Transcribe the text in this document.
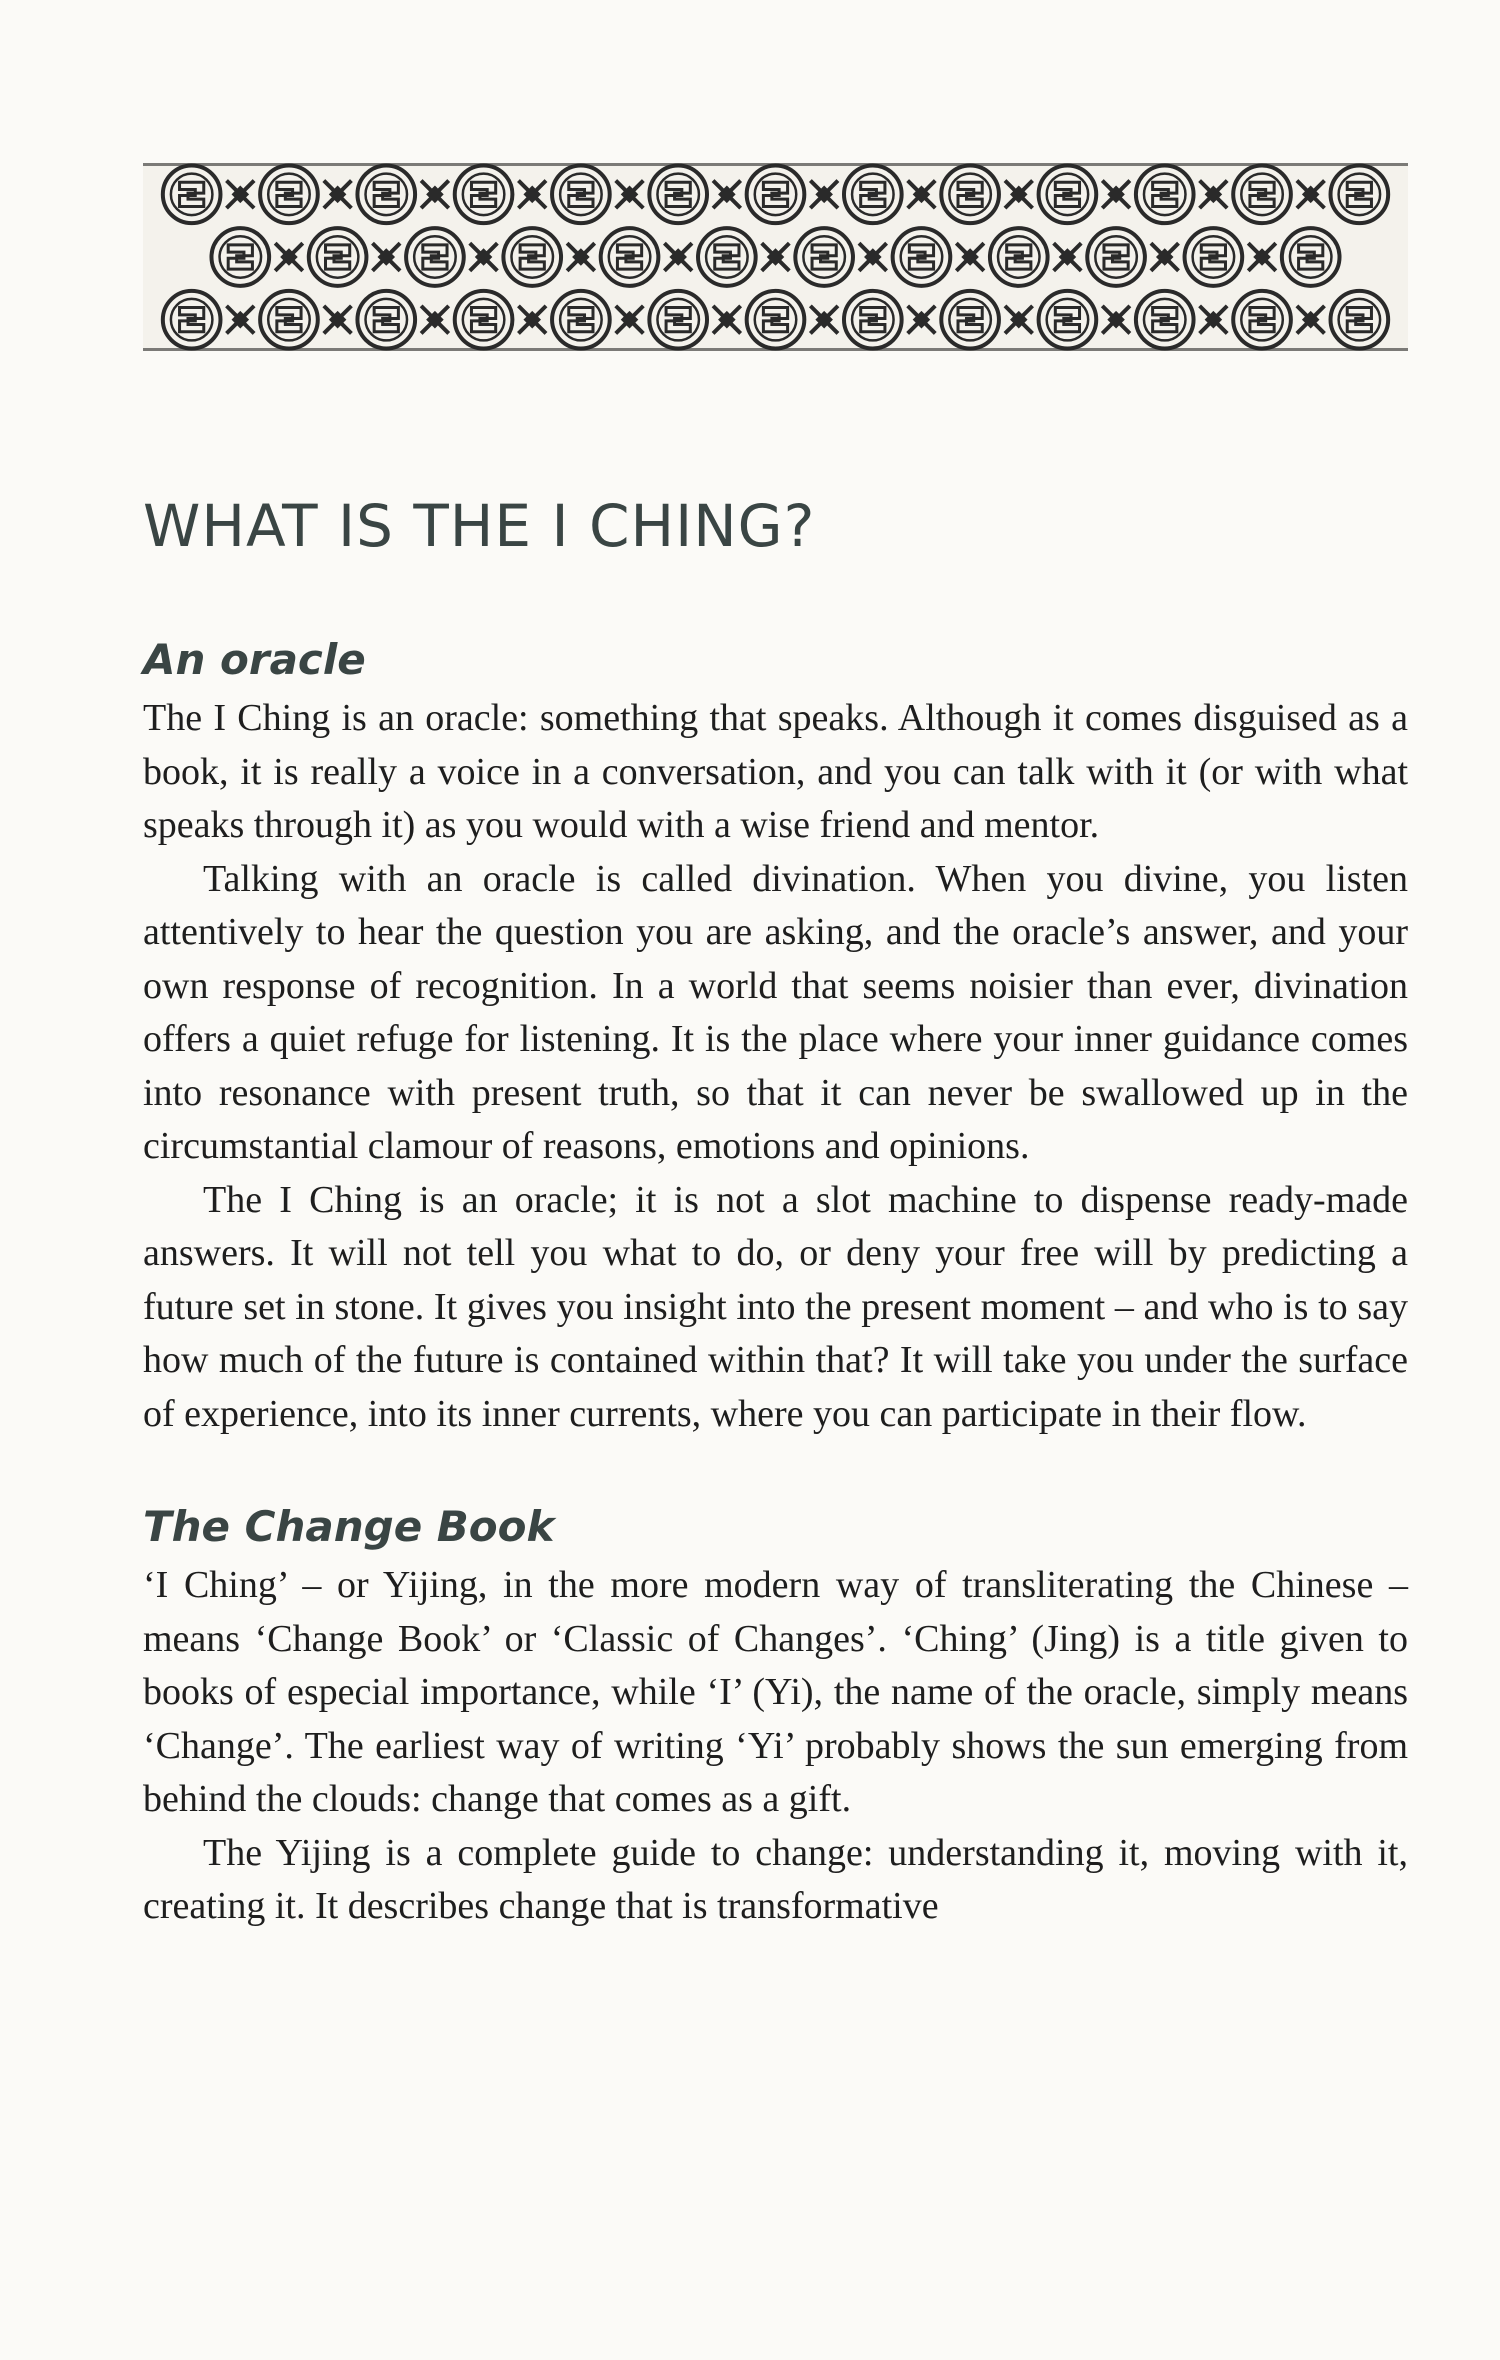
WHAT IS THE I CHING?
An oracle

The I Ching is an oracle: something that speaks. Although it comes disguised as a book, it is really a voice in a conversation, and you can talk with it (or with what speaks through it) as you would with a wise friend and mentor.

Talking with an oracle is called divination. When you divine, you listen attentively to hear the question you are asking, and the oracle’s answer, and your own response of recognition. In a world that seems noisier than ever, divination offers a quiet refuge for listening. It is the place where your inner guidance comes into resonance with present truth, so that it can never be swallowed up in the circumstantial clamour of reasons, emotions and opinions.

The I Ching is an oracle; it is not a slot machine to dispense ready-made answers. It will not tell you what to do, or deny your free will by predicting a future set in stone. It gives you insight into the present moment – and who is to say how much of the future is contained within that? It will take you under the surface of experience, into its inner currents, where you can participate in their flow.

The Change Book

‘I Ching’ – or Yijing, in the more modern way of transliterating the Chinese – means ‘Change Book’ or ‘Classic of Changes’. ‘Ching’ (Jing) is a title given to books of especial importance, while ‘I’ (Yi), the name of the oracle, simply means ‘Change’. The earliest way of writing ‘Yi’ probably shows the sun emerging from behind the clouds: change that comes as a gift.

The Yijing is a complete guide to change: understanding it, moving with it, creating it. It describes change that is transformative
